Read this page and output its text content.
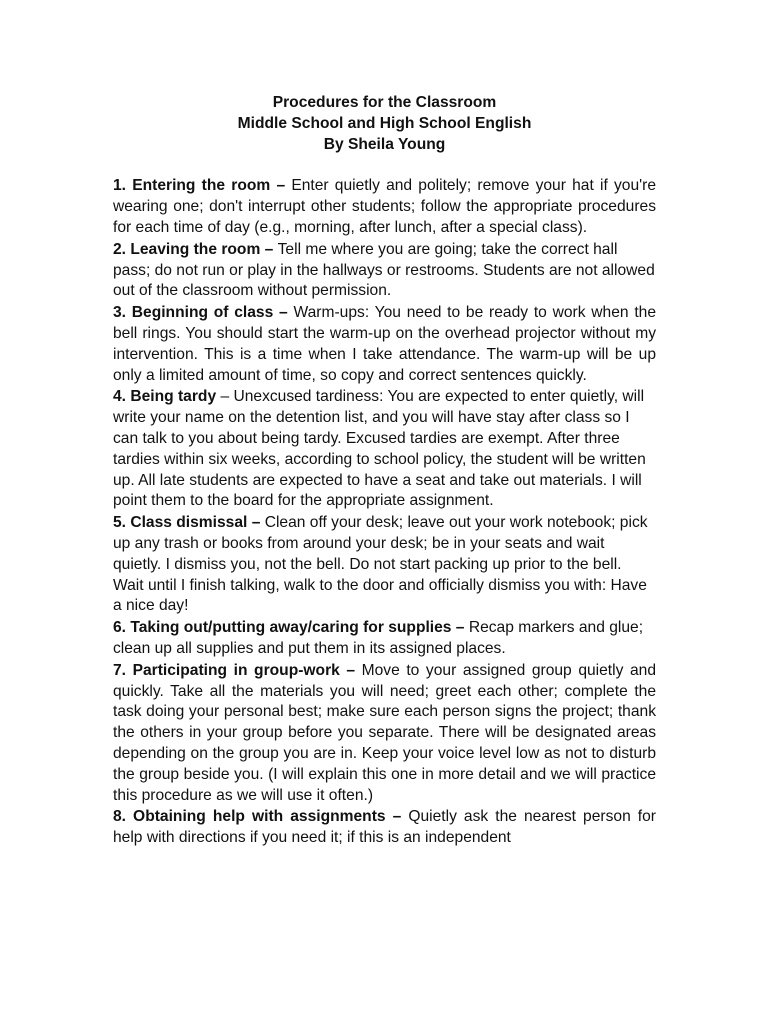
Procedures for the Classroom
Middle School and High School English
By Sheila Young

1. Entering the room – Enter quietly and politely; remove your hat if you're wearing one; don't interrupt other students; follow the appropriate procedures for each time of day (e.g., morning, after lunch, after a special class).

2. Leaving the room – Tell me where you are going; take the correct hall pass; do not run or play in the hallways or restrooms. Students are not allowed out of the classroom without permission.

3. Beginning of class – Warm-ups: You need to be ready to work when the bell rings. You should start the warm-up on the overhead projector without my intervention. This is a time when I take attendance. The warm-up will be up only a limited amount of time, so copy and correct sentences quickly.

4. Being tardy – Unexcused tardiness: You are expected to enter quietly, will write your name on the detention list, and you will have stay after class so I can talk to you about being tardy. Excused tardies are exempt. After three tardies within six weeks, according to school policy, the student will be written up. All late students are expected to have a seat and take out materials. I will point them to the board for the appropriate assignment.

5. Class dismissal – Clean off your desk; leave out your work notebook; pick up any trash or books from around your desk; be in your seats and wait quietly. I dismiss you, not the bell. Do not start packing up prior to the bell. Wait until I finish talking, walk to the door and officially dismiss you with: Have a nice day!

6. Taking out/putting away/caring for supplies – Recap markers and glue; clean up all supplies and put them in its assigned places.

7. Participating in group-work – Move to your assigned group quietly and quickly. Take all the materials you will need; greet each other; complete the task doing your personal best; make sure each person signs the project; thank the others in your group before you separate. There will be designated areas depending on the group you are in. Keep your voice level low as not to disturb the group beside you. (I will explain this one in more detail and we will practice this procedure as we will use it often.)

8. Obtaining help with assignments – Quietly ask the nearest person for help with directions if you need it; if this is an independent
